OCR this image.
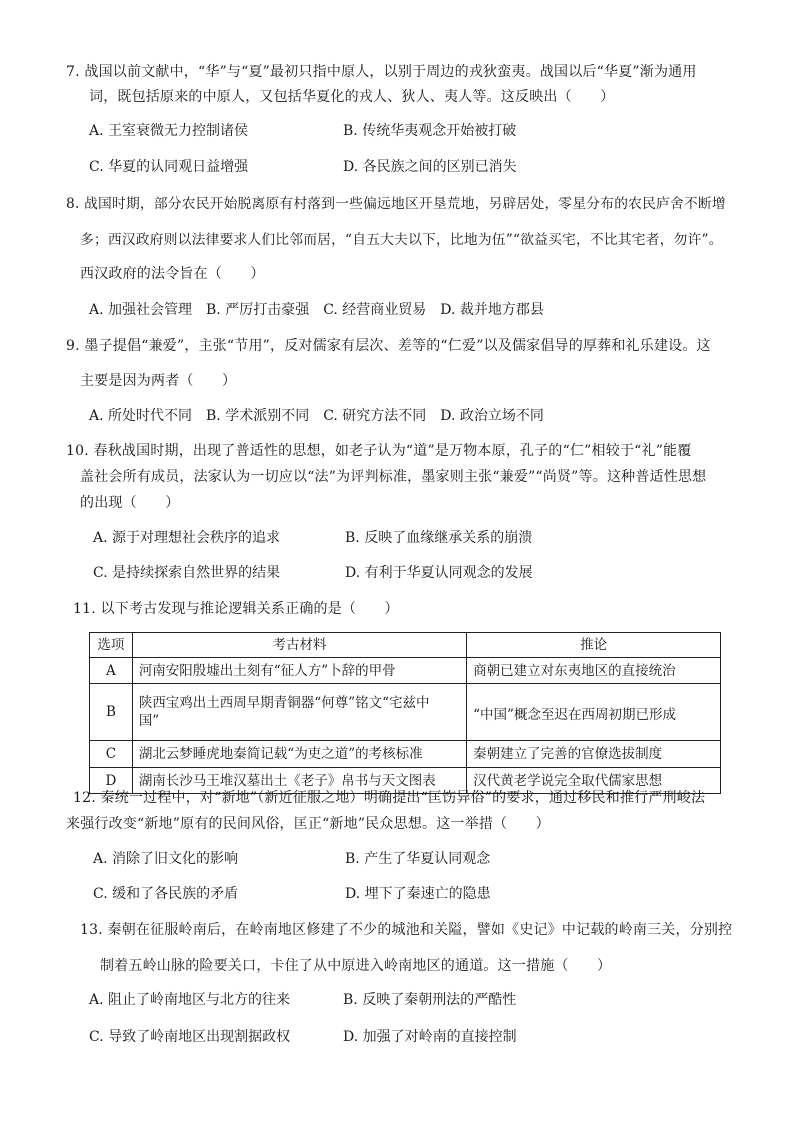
7. 战国以前文献中，“华”与“夏”最初只指中原人，以别于周边的戎狄蛮夷。战国以后“华夏”渐为通用
词，既包括原来的中原人，又包括华夏化的戎人、狄人、夷人等。这反映出（　　）
A. 王室衰微无力控制诸侯	B. 传统华夷观念开始被打破
C. 华夏的认同观日益增强	D. 各民族之间的区别已消失
8. 战国时期，部分农民开始脱离原有村落到一些偏远地区开垦荒地，另辟居处，零星分布的农民庐舍不断增
多；西汉政府则以法律要求人们比邻而居，“自五大夫以下，比地为伍”“欲益买宅，不比其宅者，勿许”。
西汉政府的法令旨在（　　）
A. 加强社会管理　B. 严厉打击豪强　C. 经营商业贸易　D. 裁并地方郡县
9. 墨子提倡“兼爱”，主张“节用”，反对儒家有层次、差等的“仁爱”以及儒家倡导的厚葬和礼乐建设。这
主要是因为两者（　　）
A. 所处时代不同　B. 学术派别不同　C. 研究方法不同　D. 政治立场不同
10. 春秋战国时期，出现了普适性的思想，如老子认为“道”是万物本原，孔子的“仁”相较于“礼”能覆
盖社会所有成员，法家认为一切应以“法”为评判标准，墨家则主张“兼爱”“尚贤”等。这种普适性思想
的出现（　　）
A. 源于对理想社会秩序的追求	B. 反映了血缘继承关系的崩溃
C. 是持续探索自然世界的结果	D. 有利于华夏认同观念的发展
11. 以下考古发现与推论逻辑关系正确的是（　　）
选项	考古材料	推论
A	河南安阳殷墟出土刻有“征人方”卜辞的甲骨	商朝已建立对东夷地区的直接统治
B	陕西宝鸡出土西周早期青铜器“何尊”铭文“宅兹中
国”	“中国”概念至迟在西周初期已形成
C	湖北云梦睡虎地秦简记载“为吏之道”的考核标准	秦朝建立了完善的官僚选拔制度
D	湖南长沙马王堆汉墓出土《老子》帛书与天文图表	汉代黄老学说完全取代儒家思想
12. 秦统一过程中，对“新地”（新近征服之地）明确提出“匡饬异俗”的要求，通过移民和推行严刑峻法
来强行改变“新地”原有的民间风俗，匡正“新地”民众思想。这一举措（　　）
A. 消除了旧文化的影响	B. 产生了华夏认同观念
C. 缓和了各民族的矛盾	D. 埋下了秦速亡的隐患
13. 秦朝在征服岭南后，在岭南地区修建了不少的城池和关隘，譬如《史记》中记载的岭南三关，分别控
制着五岭山脉的险要关口，卡住了从中原进入岭南地区的通道。这一措施（　　）
A. 阻止了岭南地区与北方的往来	B. 反映了秦朝刑法的严酷性
C. 导致了岭南地区出现割据政权	D. 加强了对岭南的直接控制
